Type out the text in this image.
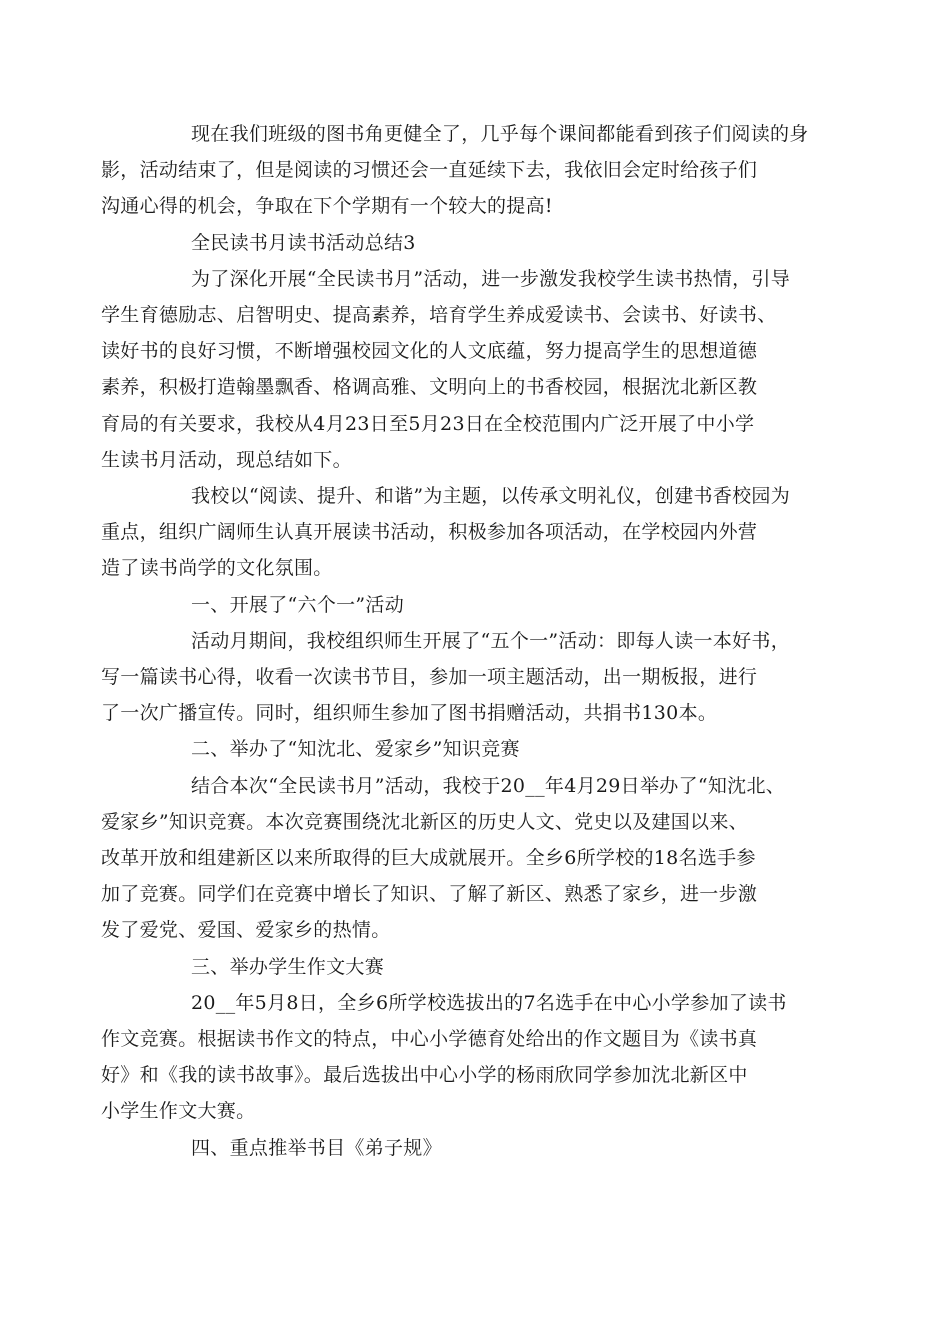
现在我们班级的图书角更健全了，几乎每个课间都能看到孩子们阅读的身
影，活动结束了，但是阅读的习惯还会一直延续下去，我依旧会定时给孩子们
沟通心得的机会，争取在下个学期有一个较大的提高!

全民读书月读书活动总结3

为了深化开展“全民读书月”活动，进一步激发我校学生读书热情，引导
学生育德励志、启智明史、提高素养，培育学生养成爱读书、会读书、好读书、
读好书的良好习惯，不断增强校园文化的人文底蕴，努力提高学生的思想道德
素养，积极打造翰墨飘香、格调高雅、文明向上的书香校园，根据沈北新区教
育局的有关要求，我校从4月23日至5月23日在全校范围内广泛开展了中小学
生读书月活动，现总结如下。

我校以“阅读、提升、和谐”为主题，以传承文明礼仪，创建书香校园为
重点，组织广阔师生认真开展读书活动，积极参加各项活动，在学校园内外营
造了读书尚学的文化氛围。

一、开展了“六个一”活动

活动月期间，我校组织师生开展了“五个一”活动：即每人读一本好书，
写一篇读书心得，收看一次读书节目，参加一项主题活动，出一期板报，进行
了一次广播宣传。同时，组织师生参加了图书捐赠活动，共捐书130本。

二、举办了“知沈北、爱家乡”知识竞赛

结合本次“全民读书月”活动，我校于20__年4月29日举办了“知沈北、
爱家乡”知识竞赛。本次竞赛围绕沈北新区的历史人文、党史以及建国以来、
改革开放和组建新区以来所取得的巨大成就展开。全乡6所学校的18名选手参
加了竞赛。同学们在竞赛中增长了知识、了解了新区、熟悉了家乡，进一步激
发了爱党、爱国、爱家乡的热情。

三、举办学生作文大赛

20__年5月8日，全乡6所学校选拔出的7名选手在中心小学参加了读书
作文竞赛。根据读书作文的特点，中心小学德育处给出的作文题目为《读书真
好》和《我的读书故事》。最后选拔出中心小学的杨雨欣同学参加沈北新区中
小学生作文大赛。

四、重点推举书目《弟子规》
